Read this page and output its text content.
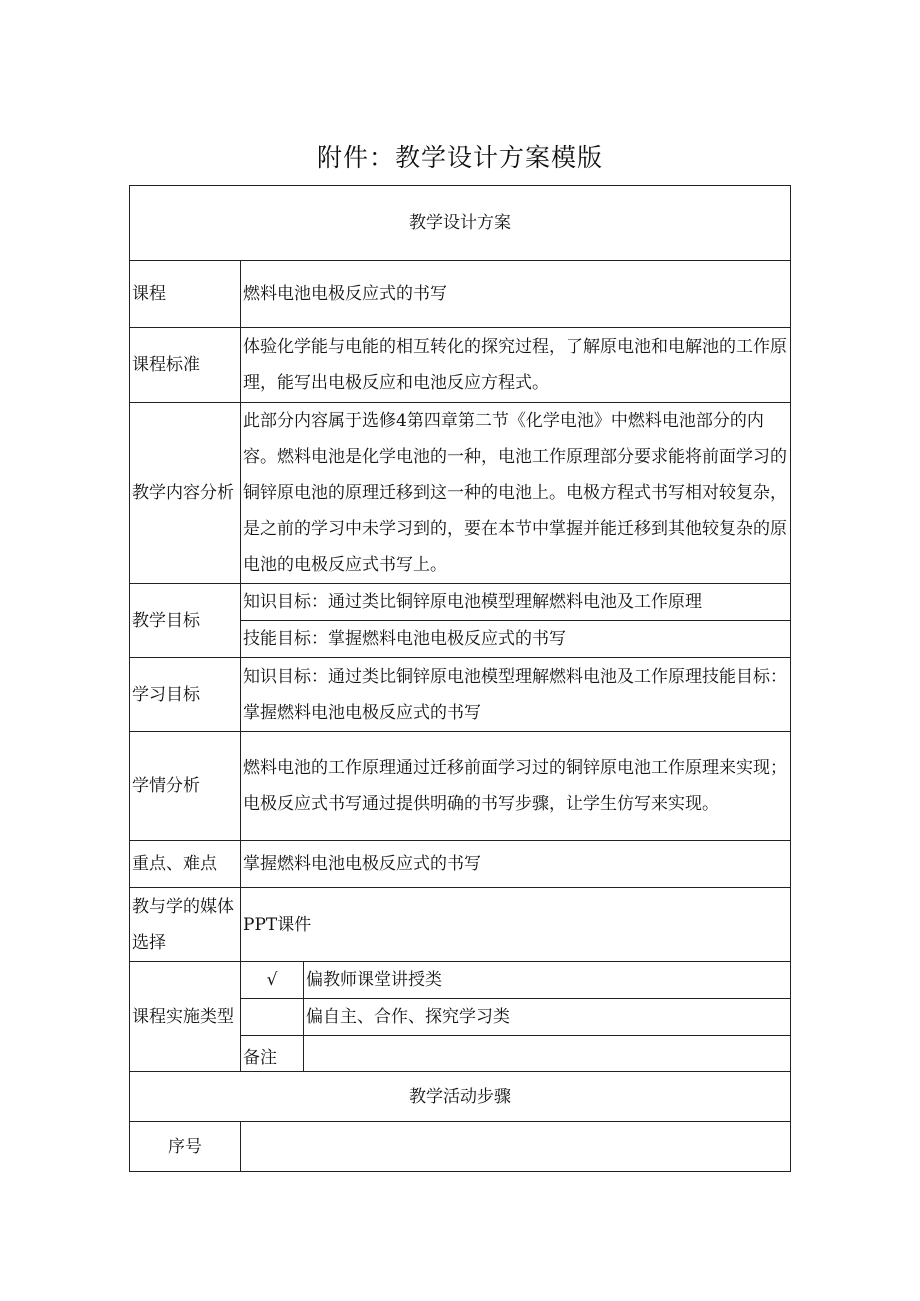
附件：教学设计方案模版
教学设计方案		
课程	燃料电池电极反应式的书写	
课程标准	体验化学能与电能的相互转化的探究过程，了解原电池和电解池的工作原理，能写出电极反应和电池反应方程式。	
教学内容分析	此部分内容属于选修4第四章第二节《化学电池》中燃料电池部分的内容。燃料电池是化学电池的一种，电池工作原理部分要求能将前面学习的铜锌原电池的原理迁移到这一种的电池上。电极方程式书写相对较复杂，是之前的学习中未学习到的，要在本节中掌握并能迁移到其他较复杂的原电池的电极反应式书写上。	
教学目标	知识目标：通过类比铜锌原电池模型理解燃料电池及工作原理	
	技能目标：掌握燃料电池电极反应式的书写	
学习目标	知识目标：通过类比铜锌原电池模型理解燃料电池及工作原理技能目标：掌握燃料电池电极反应式的书写	
学情分析	燃料电池的工作原理通过迁移前面学习过的铜锌原电池工作原理来实现；电极反应式书写通过提供明确的书写步骤，让学生仿写来实现。	
重点、难点	掌握燃料电池电极反应式的书写	
教与学的媒体选择	PPT课件	
课程实施类型	√	偏教师课堂讲授类
		偏自主、合作、探究学习类
	备注	
教学活动步骤		
序号		
